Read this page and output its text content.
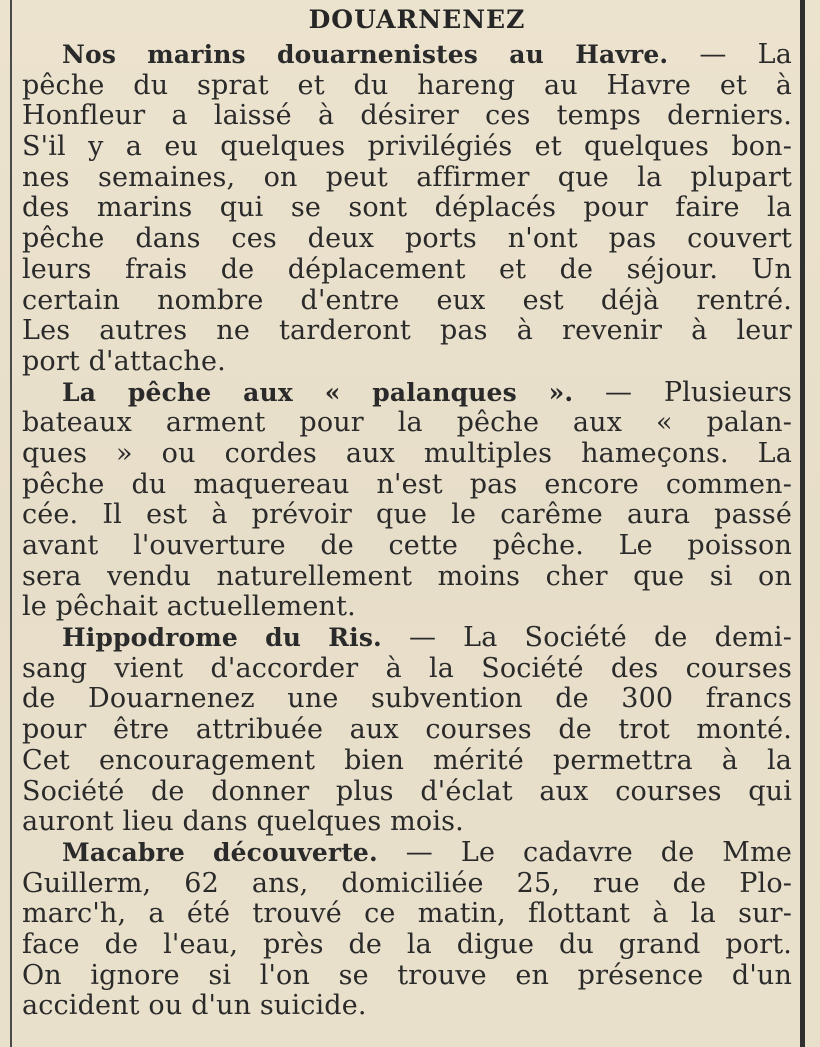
DOUARNENEZ
Nos marins douarnenistes au Havre. — La
pêche du sprat et du hareng au Havre et à
Honfleur a laissé à désirer ces temps derniers.
S'il y a eu quelques privilégiés et quelques bon-
nes semaines, on peut affirmer que la plupart
des marins qui se sont déplacés pour faire la
pêche dans ces deux ports n'ont pas couvert
leurs frais de déplacement et de séjour. Un
certain nombre d'entre eux est déjà rentré.
Les autres ne tarderont pas à revenir à leur
port d'attache.
La pêche aux « palanques ». — Plusieurs
bateaux arment pour la pêche aux « palan-
ques » ou cordes aux multiples hameçons. La
pêche du maquereau n'est pas encore commen-
cée. Il est à prévoir que le carême aura passé
avant l'ouverture de cette pêche. Le poisson
sera vendu naturellement moins cher que si on
le pêchait actuellement.
Hippodrome du Ris. — La Société de demi-
sang vient d'accorder à la Société des courses
de Douarnenez une subvention de 300 francs
pour être attribuée aux courses de trot monté.
Cet encouragement bien mérité permettra à la
Société de donner plus d'éclat aux courses qui
auront lieu dans quelques mois.
Macabre découverte. — Le cadavre de Mme
Guillerm, 62 ans, domiciliée 25, rue de Plo-
marc'h, a été trouvé ce matin, flottant à la sur-
face de l'eau, près de la digue du grand port.
On ignore si l'on se trouve en présence d'un
accident ou d'un suicide.
